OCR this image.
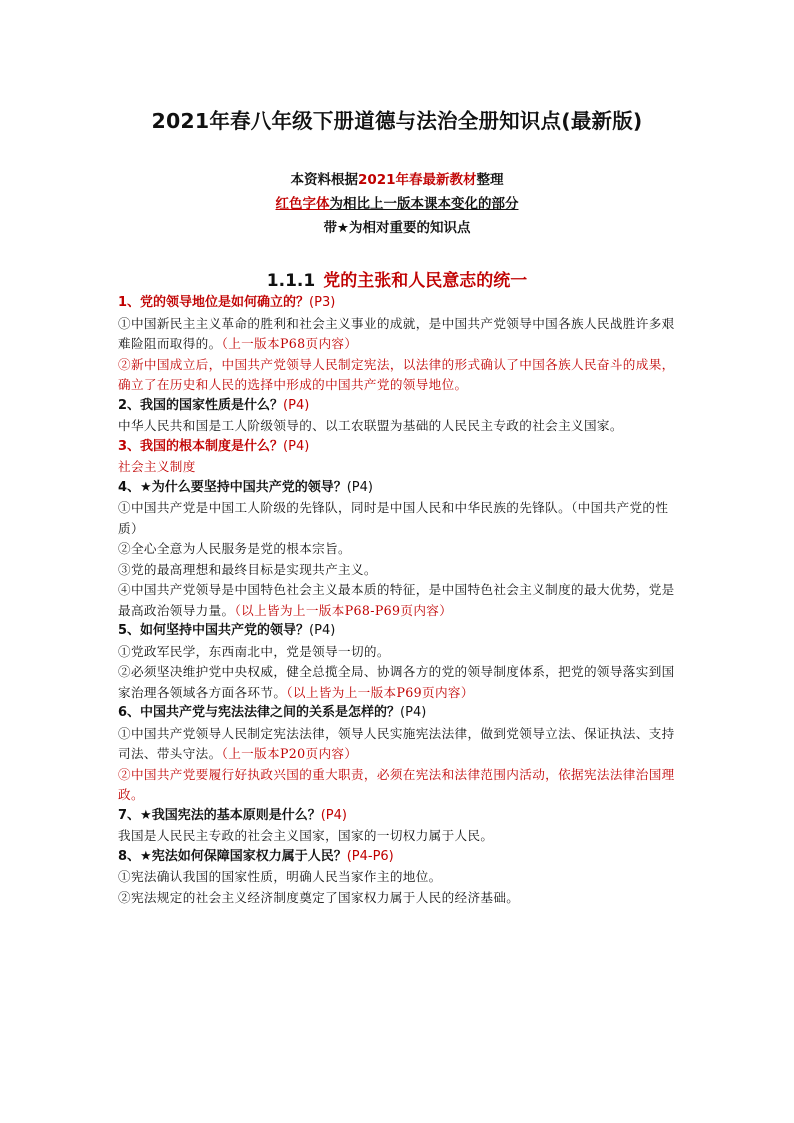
2021年春八年级下册道德与法治全册知识点(最新版)
本资料根据2021年春最新教材整理
红色字体为相比上一版本课本变化的部分
带★为相对重要的知识点
1.1.1 党的主张和人民意志的统一
1、党的领导地位是如何确立的？(P3)
①中国新民主主义革命的胜利和社会主义事业的成就，是中国共产党领导中国各族人民战胜许多艰难险阻而取得的。（上一版本P68页内容）
②新中国成立后，中国共产党领导人民制定宪法，以法律的形式确认了中国各族人民奋斗的成果，确立了在历史和人民的选择中形成的中国共产党的领导地位。
2、我国的国家性质是什么？(P4)
中华人民共和国是工人阶级领导的、以工农联盟为基础的人民民主专政的社会主义国家。
3、我国的根本制度是什么？(P4)
社会主义制度
4、★为什么要坚持中国共产党的领导？(P4)
①中国共产党是中国工人阶级的先锋队，同时是中国人民和中华民族的先锋队。（中国共产党的性质）
②全心全意为人民服务是党的根本宗旨。
③党的最高理想和最终目标是实现共产主义。
④中国共产党领导是中国特色社会主义最本质的特征，是中国特色社会主义制度的最大优势，党是最高政治领导力量。（以上皆为上一版本P68-P69页内容）
5、如何坚持中国共产党的领导？(P4)
①党政军民学，东西南北中，党是领导一切的。
②必须坚决维护党中央权威，健全总揽全局、协调各方的党的领导制度体系，把党的领导落实到国家治理各领域各方面各环节。（以上皆为上一版本P69页内容）
6、中国共产党与宪法法律之间的关系是怎样的？(P4)
①中国共产党领导人民制定宪法法律，领导人民实施宪法法律，做到党领导立法、保证执法、支持司法、带头守法。（上一版本P20页内容）
②中国共产党要履行好执政兴国的重大职责，必须在宪法和法律范围内活动，依据宪法法律治国理政。
7、★我国宪法的基本原则是什么？(P4)
我国是人民民主专政的社会主义国家，国家的一切权力属于人民。
8、★宪法如何保障国家权力属于人民？(P4-P6)
①宪法确认我国的国家性质，明确人民当家作主的地位。
②宪法规定的社会主义经济制度奠定了国家权力属于人民的经济基础。
